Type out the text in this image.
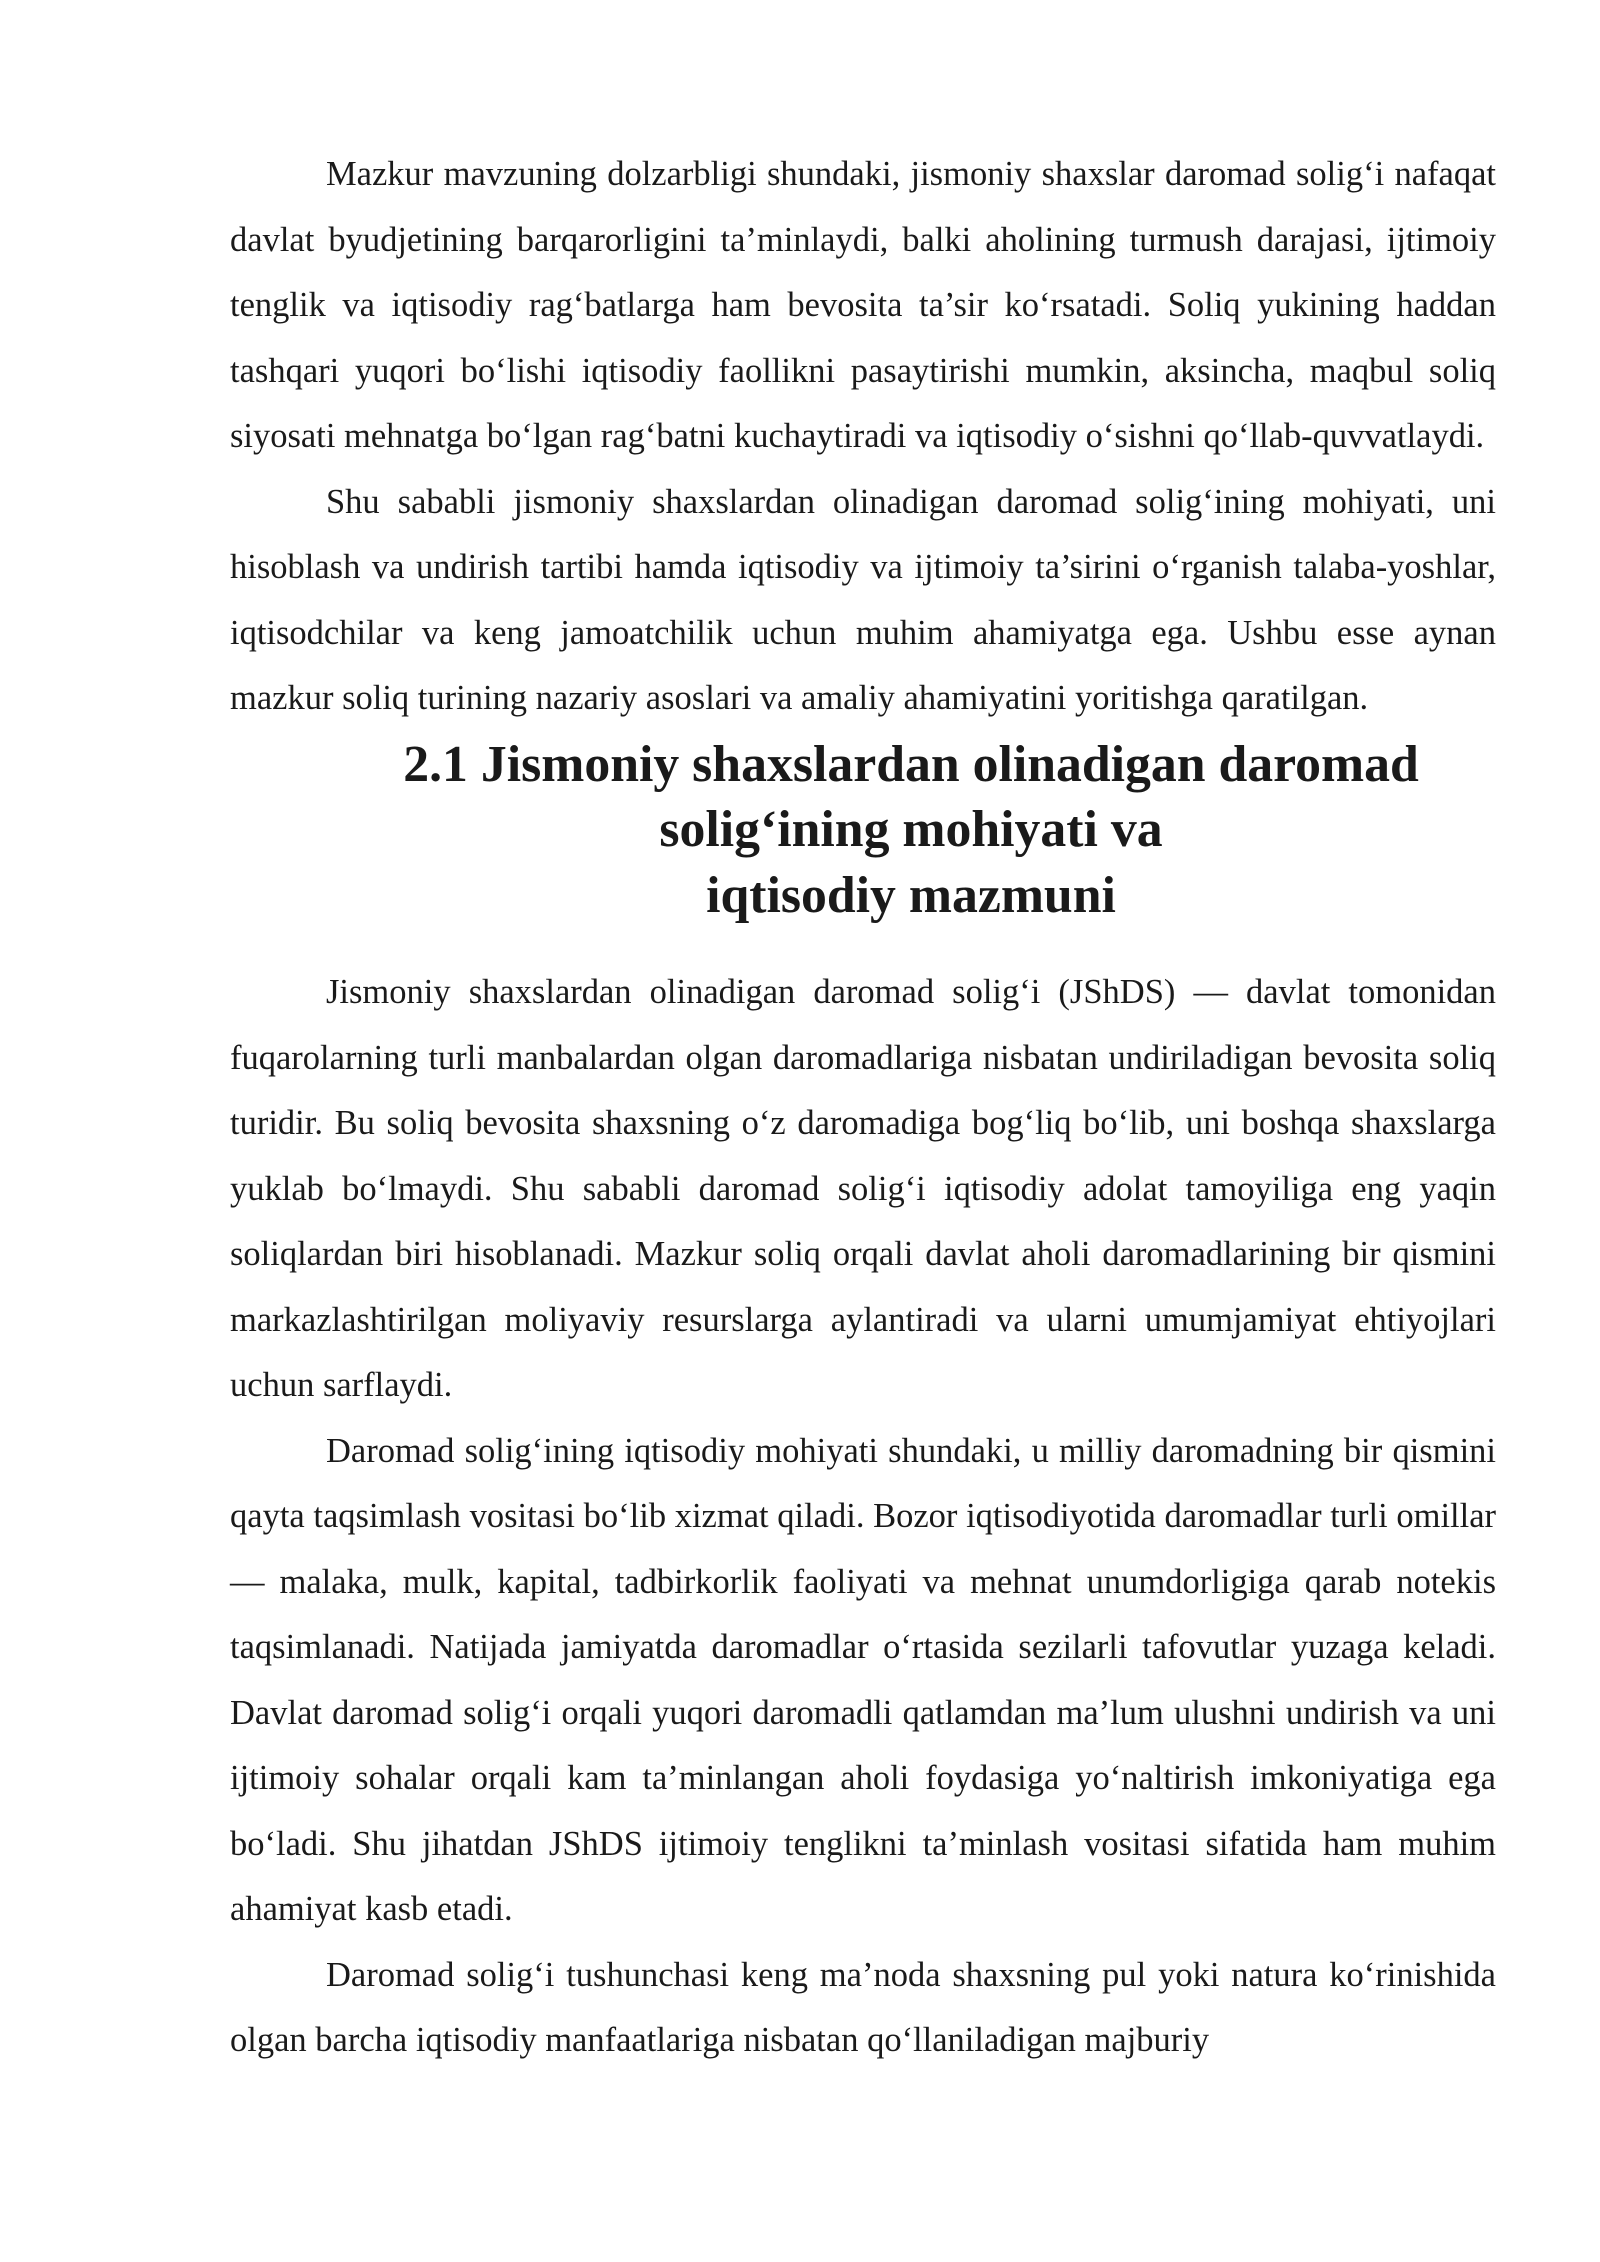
Mazkur mavzuning dolzarbligi shundaki, jismoniy shaxslar daromad solig‘i nafaqat davlat byudjetining barqarorligini ta’minlaydi, balki aholining turmush darajasi, ijtimoiy tenglik va iqtisodiy rag‘batlarga ham bevosita ta’sir ko‘rsatadi. Soliq yukining haddan tashqari yuqori bo‘lishi iqtisodiy faollikni pasaytirishi mumkin, aksincha, maqbul soliq siyosati mehnatga bo‘lgan rag‘batni kuchaytiradi va iqtisodiy o‘sishni qo‘llab-quvvatlaydi.

Shu sababli jismoniy shaxslardan olinadigan daromad solig‘ining mohiyati, uni hisoblash va undirish tartibi hamda iqtisodiy va ijtimoiy ta’sirini o‘rganish talaba-yoshlar, iqtisodchilar va keng jamoatchilik uchun muhim ahamiyatga ega. Ushbu esse aynan mazkur soliq turining nazariy asoslari va amaliy ahamiyatini yoritishga qaratilgan.

2.1 Jismoniy shaxslardan olinadigan daromad solig‘ining mohiyati va
iqtisodiy mazmuni

Jismoniy shaxslardan olinadigan daromad solig‘i (JShDS) — davlat tomonidan fuqarolarning turli manbalardan olgan daromadlariga nisbatan undiriladigan bevosita soliq turidir. Bu soliq bevosita shaxsning o‘z daromadiga bog‘liq bo‘lib, uni boshqa shaxslarga yuklab bo‘lmaydi. Shu sababli daromad solig‘i iqtisodiy adolat tamoyiliga eng yaqin soliqlardan biri hisoblanadi. Mazkur soliq orqali davlat aholi daromadlarining bir qismini markazlashtirilgan moliyaviy resurslarga aylantiradi va ularni umumjamiyat ehtiyojlari uchun sarflaydi.

Daromad solig‘ining iqtisodiy mohiyati shundaki, u milliy daromadning bir qismini qayta taqsimlash vositasi bo‘lib xizmat qiladi. Bozor iqtisodiyotida daromadlar turli omillar — malaka, mulk, kapital, tadbirkorlik faoliyati va mehnat unumdorligiga qarab notekis taqsimlanadi. Natijada jamiyatda daromadlar o‘rtasida sezilarli tafovutlar yuzaga keladi. Davlat daromad solig‘i orqali yuqori daromadli qatlamdan ma’lum ulushni undirish va uni ijtimoiy sohalar orqali kam ta’minlangan aholi foydasiga yo‘naltirish imkoniyatiga ega bo‘ladi. Shu jihatdan JShDS ijtimoiy tenglikni ta’minlash vositasi sifatida ham muhim ahamiyat kasb etadi.

Daromad solig‘i tushunchasi keng ma’noda shaxsning pul yoki natura ko‘rinishida olgan barcha iqtisodiy manfaatlariga nisbatan qo‘llaniladigan majburiy
